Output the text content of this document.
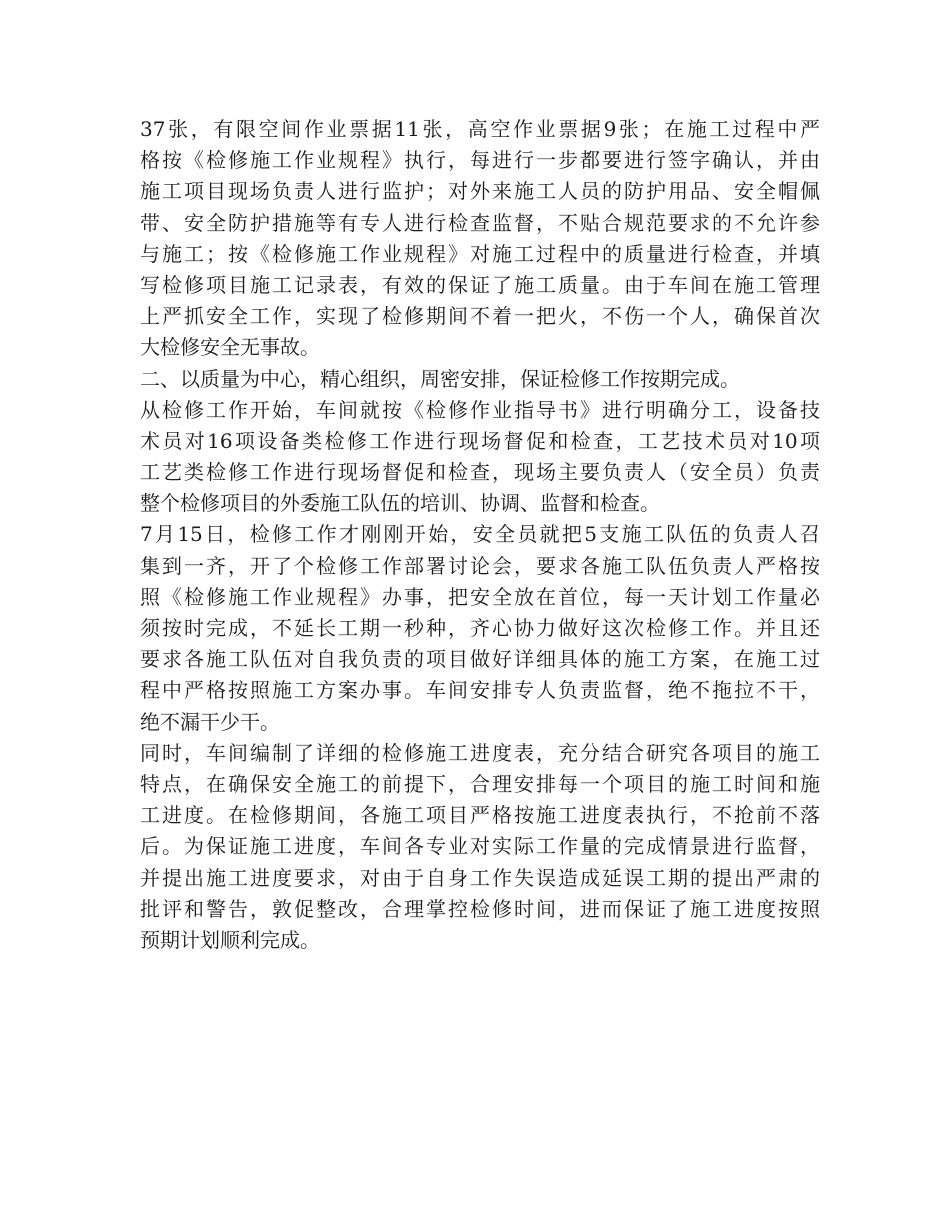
37张，有限空间作业票据11张，高空作业票据9张；在施工过程中严
格按《检修施工作业规程》执行，每进行一步都要进行签字确认，并由
施工项目现场负责人进行监护；对外来施工人员的防护用品、安全帽佩
带、安全防护措施等有专人进行检查监督，不贴合规范要求的不允许参
与施工；按《检修施工作业规程》对施工过程中的质量进行检查，并填
写检修项目施工记录表，有效的保证了施工质量。由于车间在施工管理
上严抓安全工作，实现了检修期间不着一把火，不伤一个人，确保首次
大检修安全无事故。
二、以质量为中心，精心组织，周密安排，保证检修工作按期完成。
从检修工作开始，车间就按《检修作业指导书》进行明确分工，设备技
术员对16项设备类检修工作进行现场督促和检查，工艺技术员对10项
工艺类检修工作进行现场督促和检查，现场主要负责人（安全员）负责
整个检修项目的外委施工队伍的培训、协调、监督和检查。
7月15日，检修工作才刚刚开始，安全员就把5支施工队伍的负责人召
集到一齐，开了个检修工作部署讨论会，要求各施工队伍负责人严格按
照《检修施工作业规程》办事，把安全放在首位，每一天计划工作量必
须按时完成，不延长工期一秒种，齐心协力做好这次检修工作。并且还
要求各施工队伍对自我负责的项目做好详细具体的施工方案，在施工过
程中严格按照施工方案办事。车间安排专人负责监督，绝不拖拉不干，
绝不漏干少干。
同时，车间编制了详细的检修施工进度表，充分结合研究各项目的施工
特点，在确保安全施工的前提下，合理安排每一个项目的施工时间和施
工进度。在检修期间，各施工项目严格按施工进度表执行，不抢前不落
后。为保证施工进度，车间各专业对实际工作量的完成情景进行监督，
并提出施工进度要求，对由于自身工作失误造成延误工期的提出严肃的
批评和警告，敦促整改，合理掌控检修时间，进而保证了施工进度按照
预期计划顺利完成。
